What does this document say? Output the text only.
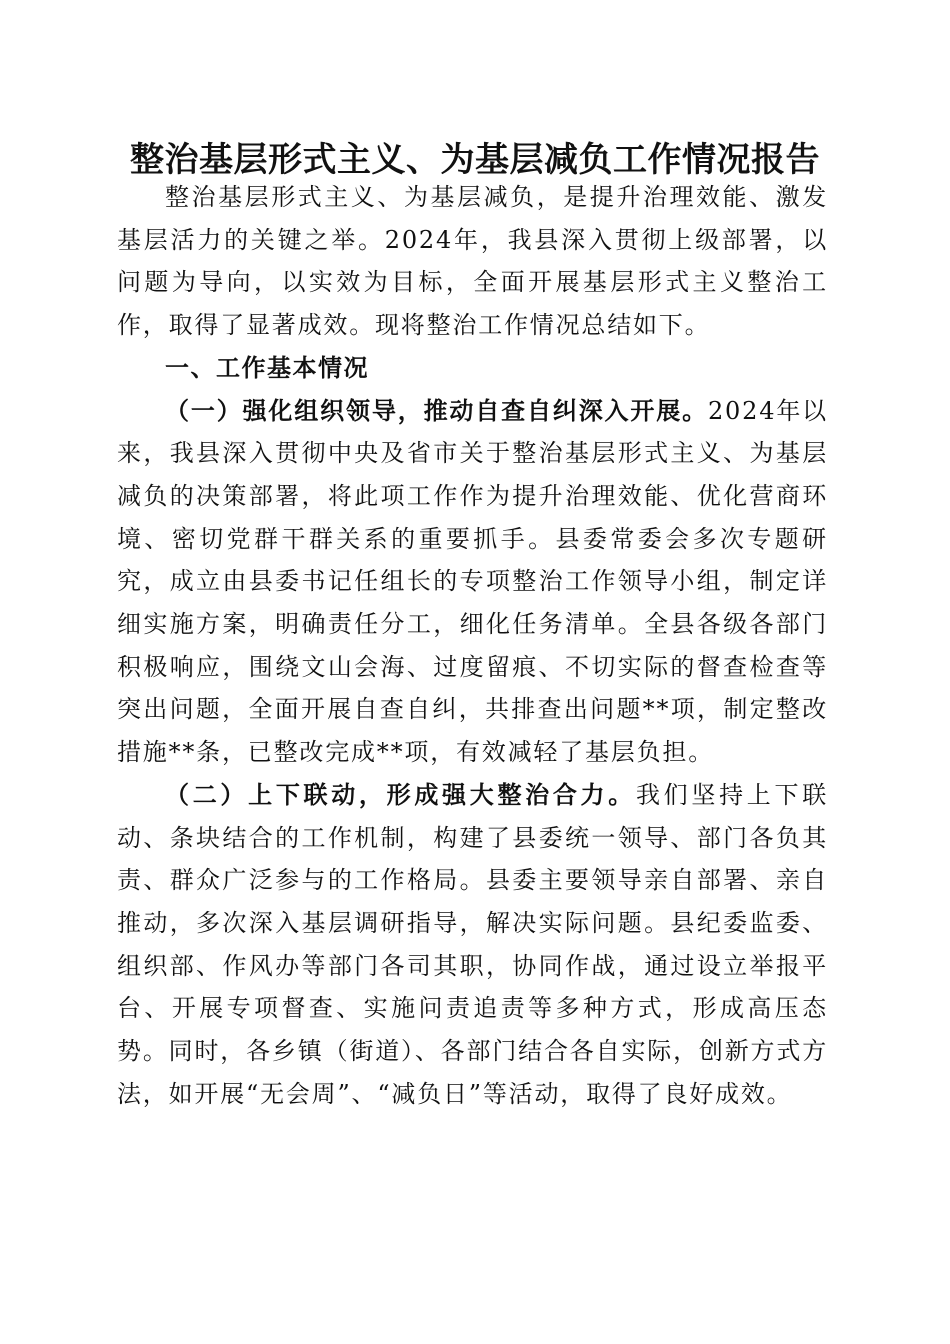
整治基层形式主义、为基层减负工作情况报告

整治基层形式主义、为基层减负，是提升治理效能、激发基层活力的关键之举。2024年，我县深入贯彻上级部署，以问题为导向，以实效为目标，全面开展基层形式主义整治工作，取得了显著成效。现将整治工作情况总结如下。

一、工作基本情况

（一）强化组织领导，推动自查自纠深入开展。2024年以来，我县深入贯彻中央及省市关于整治基层形式主义、为基层减负的决策部署，将此项工作作为提升治理效能、优化营商环境、密切党群干群关系的重要抓手。县委常委会多次专题研究，成立由县委书记任组长的专项整治工作领导小组，制定详细实施方案，明确责任分工，细化任务清单。全县各级各部门积极响应，围绕文山会海、过度留痕、不切实际的督查检查等突出问题，全面开展自查自纠，共排查出问题**项，制定整改措施**条，已整改完成**项，有效减轻了基层负担。

（二）上下联动，形成强大整治合力。我们坚持上下联动、条块结合的工作机制，构建了县委统一领导、部门各负其责、群众广泛参与的工作格局。县委主要领导亲自部署、亲自推动，多次深入基层调研指导，解决实际问题。县纪委监委、组织部、作风办等部门各司其职，协同作战，通过设立举报平台、开展专项督查、实施问责追责等多种方式，形成高压态势。同时，各乡镇（街道）、各部门结合各自实际，创新方式方法，如开展“无会周”、“减负日”等活动，取得了良好成效。
